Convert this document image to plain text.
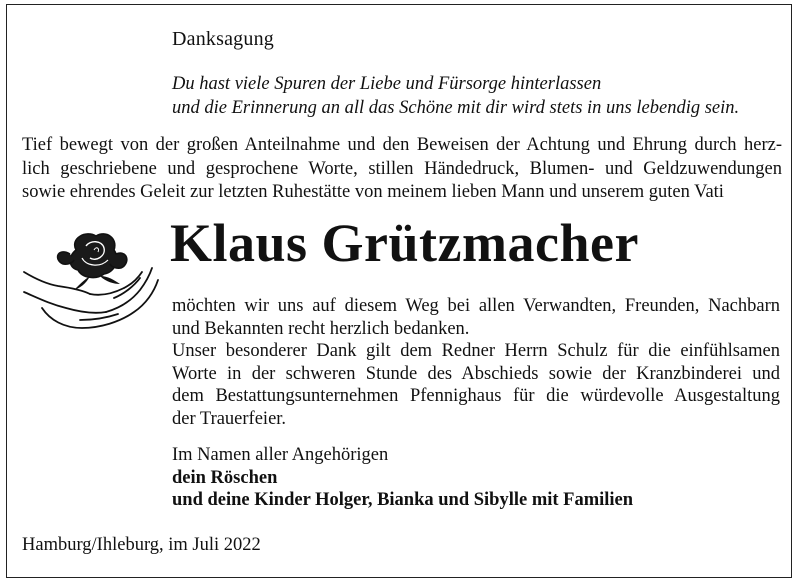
Danksagung
Du hast viele Spuren der Liebe und Fürsorge hinterlassen
und die Erinnerung an all das Schöne mit dir wird stets in uns lebendig sein.
Tief bewegt von der großen Anteilnahme und den Beweisen der Achtung und Ehrung durch herz-
lich geschriebene und gesprochene Worte, stillen Händedruck, Blumen- und Geldzuwendungen
sowie ehrendes Geleit zur letzten Ruhestätte von meinem lieben Mann und unserem guten Vati
Klaus Grützmacher
möchten wir uns auf diesem Weg bei allen Verwandten, Freunden, Nachbarn
und Bekannten recht herzlich bedanken.
Unser besonderer Dank gilt dem Redner Herrn Schulz für die einfühlsamen
Worte in der schweren Stunde des Abschieds sowie der Kranzbinderei und
dem Bestattungsunternehmen Pfennighaus für die würdevolle Ausgestaltung
der Trauerfeier.
Im Namen aller Angehörigen
dein Röschen
und deine Kinder Holger, Bianka und Sibylle mit Familien
Hamburg/Ihleburg, im Juli 2022
